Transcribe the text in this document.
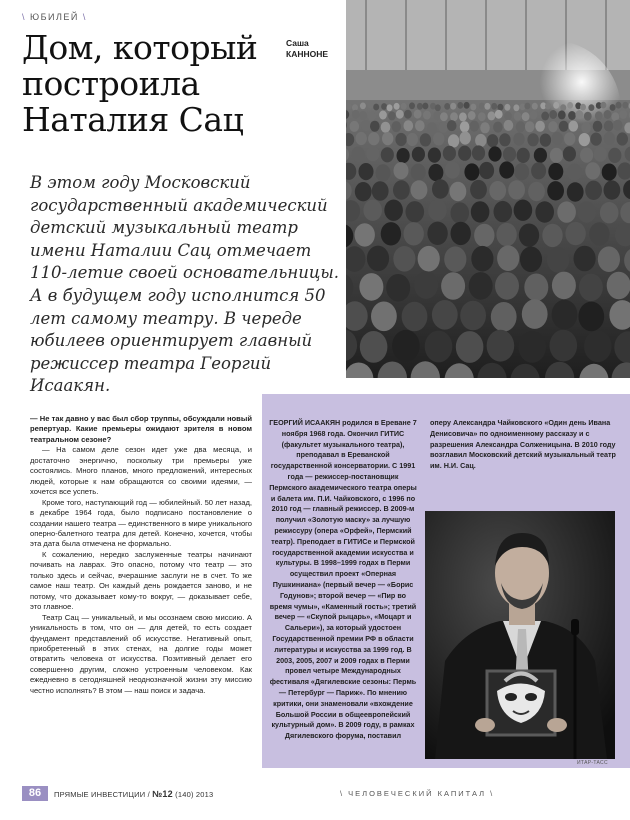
\ ЮБИЛЕЙ \
Дом, который
построила
Наталия Сац
Саша
КАННОНЕ

В этом году Московский государственный академический детский музыкальный театр имени Наталии Сац отмечает 110-летие своей основательницы. А в будущем году исполнится 50 лет самому театру. В череде юбилеев ориентирует главный режиссер театра Георгий Исаакян.

— Не так давно у вас был сбор труппы, обсуждали новый репертуар. Какие премьеры ожидают зрителя в новом театральном сезоне?

— На самом деле сезон идет уже два месяца, и достаточно энергично, поскольку три премьеры уже состоялись. Много планов, много предложений, интересных людей, которые к нам обращаются со своими идеями, — хочется все успеть.

Кроме того, наступающий год — юбилейный. 50 лет назад, в декабре 1964 года, было подписано постановление о создании нашего театра — единственного в мире уникального оперно-балетного театра для детей. Конечно, хочется, чтобы эта дата была отмечена не формально.

К сожалению, нередко заслуженные театры начинают почивать на лаврах. Это опасно, потому что театр — это только здесь и сейчас, вчерашние заслуги не в счет. То же самое наш театр. Он каждый день рождается заново, и не потому, что доказывает кому-то вокруг, — доказывает себе, это главное.

Театр Сац — уникальный, и мы осознаем свою миссию. А уникальность в том, что он — для детей, то есть создает фундамент представлений об искусстве. Негативный опыт, приобретенный в этих стенах, на долгие годы может отвратить человека от искусства. Позитивный делает его совершенно другим, сложно устроенным человеком. Как ежедневно в сегодняшней неоднозначной жизни эту миссию честно исполнять? В этом — наш поиск и задача.

ГЕОРГИЙ ИСААКЯН родился в Ереване 7 ноября 1968 года. Окончил ГИТИС (факультет музыкального театра), преподавал в Ереванской государственной консерватории. С 1991 года — режиссер-постановщик Пермского академического театра оперы и балета им. П.И. Чайковского, с 1996 по 2010 год — главный режиссер. В 2009-м получил «Золотую маску» за лучшую режиссуру (опера «Орфей», Пермский театр). Преподает в ГИТИСе и Пермской государственной академии искусства и культуры. В 1998–1999 годах в Перми осуществил проект «Оперная Пушкиниана» (первый вечер — «Борис Годунов»; второй вечер — «Пир во время чумы», «Каменный гость»; третий вечер — «Скупой рыцарь», «Моцарт и Сальери»), за который удостоен Государственной премии РФ в области литературы и искусства за 1999 год. В 2003, 2005, 2007 и 2009 годах в Перми провел четыре Международных фестиваля «Дягилевские сезоны: Пермь — Петербург — Париж». По мнению критики, они знаменовали «вхождение Большой России в общеевропейский культурный дом». В 2009 году, в рамках Дягилевского форума, поставил
оперу Александра Чайковского «Один день Ивана Денисовича» по одноименному рассказу и с разрешения Александра Солженицына. В 2010 году возглавил Московский детский музыкальный театр им. Н.И. Сац.
ИТАР-ТАСС
86	ПРЯМЫЕ ИНВЕСТИЦИИ / №12 (140) 2013	\ ЧЕЛОВЕЧЕСКИЙ КАПИТАЛ \
